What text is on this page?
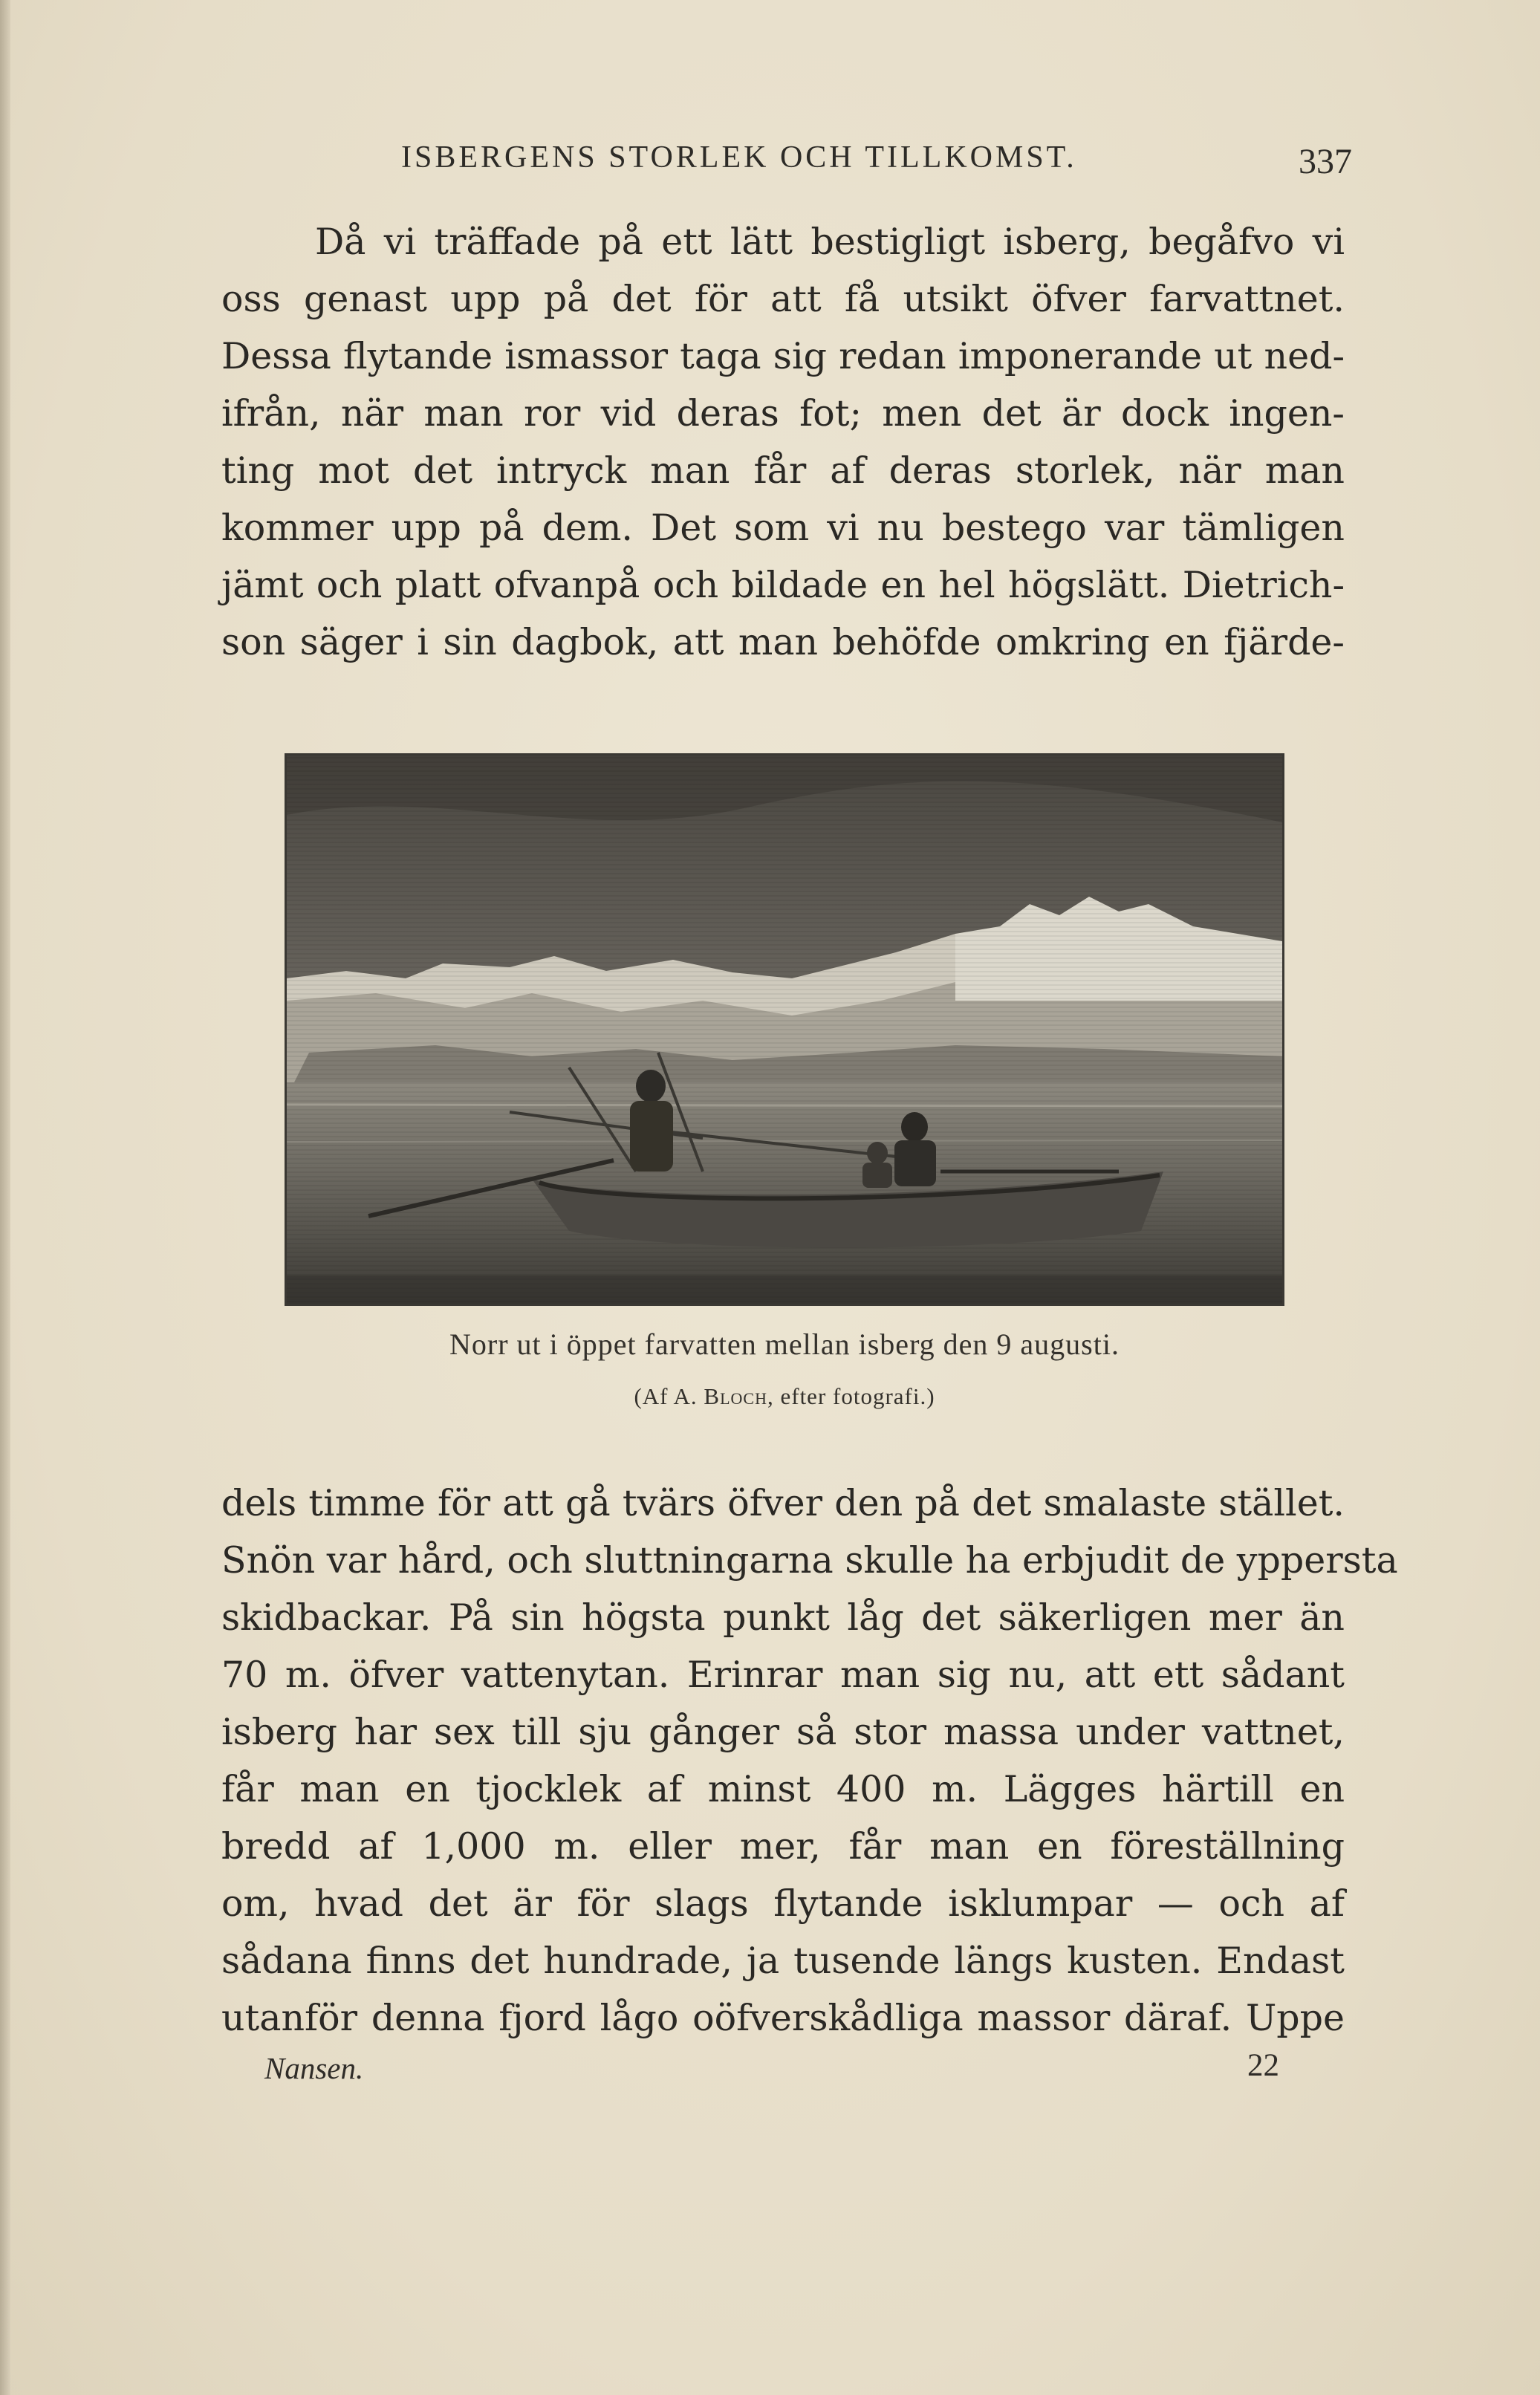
ISBERGENS STORLEK OCH TILLKOMST.	337
Då vi träffade på ett lätt bestigligt isberg, begåfvo vi
oss genast upp på det för att få utsikt öfver farvattnet.
Dessa flytande ismassor taga sig redan imponerande ut ned-
ifrån, när man ror vid deras fot; men det är dock ingen-
ting mot det intryck man får af deras storlek, när man
kommer upp på dem. Det som vi nu bestego var tämligen
jämt och platt ofvanpå och bildade en hel högslätt. Dietrich-
son säger i sin dagbok, att man behöfde omkring en fjärde-
Norr ut i öppet farvatten mellan isberg den 9 augusti.
(Af A. Bloch, efter fotografi.)
dels timme för att gå tvärs öfver den på det smalaste stället.
Snön var hård, och sluttningarna skulle ha erbjudit de yppersta
skidbackar. På sin högsta punkt låg det säkerligen mer än
70 m. öfver vattenytan. Erinrar man sig nu, att ett sådant
isberg har sex till sju gånger så stor massa under vattnet,
får man en tjocklek af minst 400 m. Lägges härtill en
bredd af 1,000 m. eller mer, får man en föreställning
om, hvad det är för slags flytande isklumpar — och af
sådana finns det hundrade, ja tusende längs kusten. Endast
utanför denna fjord lågo oöfverskådliga massor däraf. Uppe
Nansen.	22
